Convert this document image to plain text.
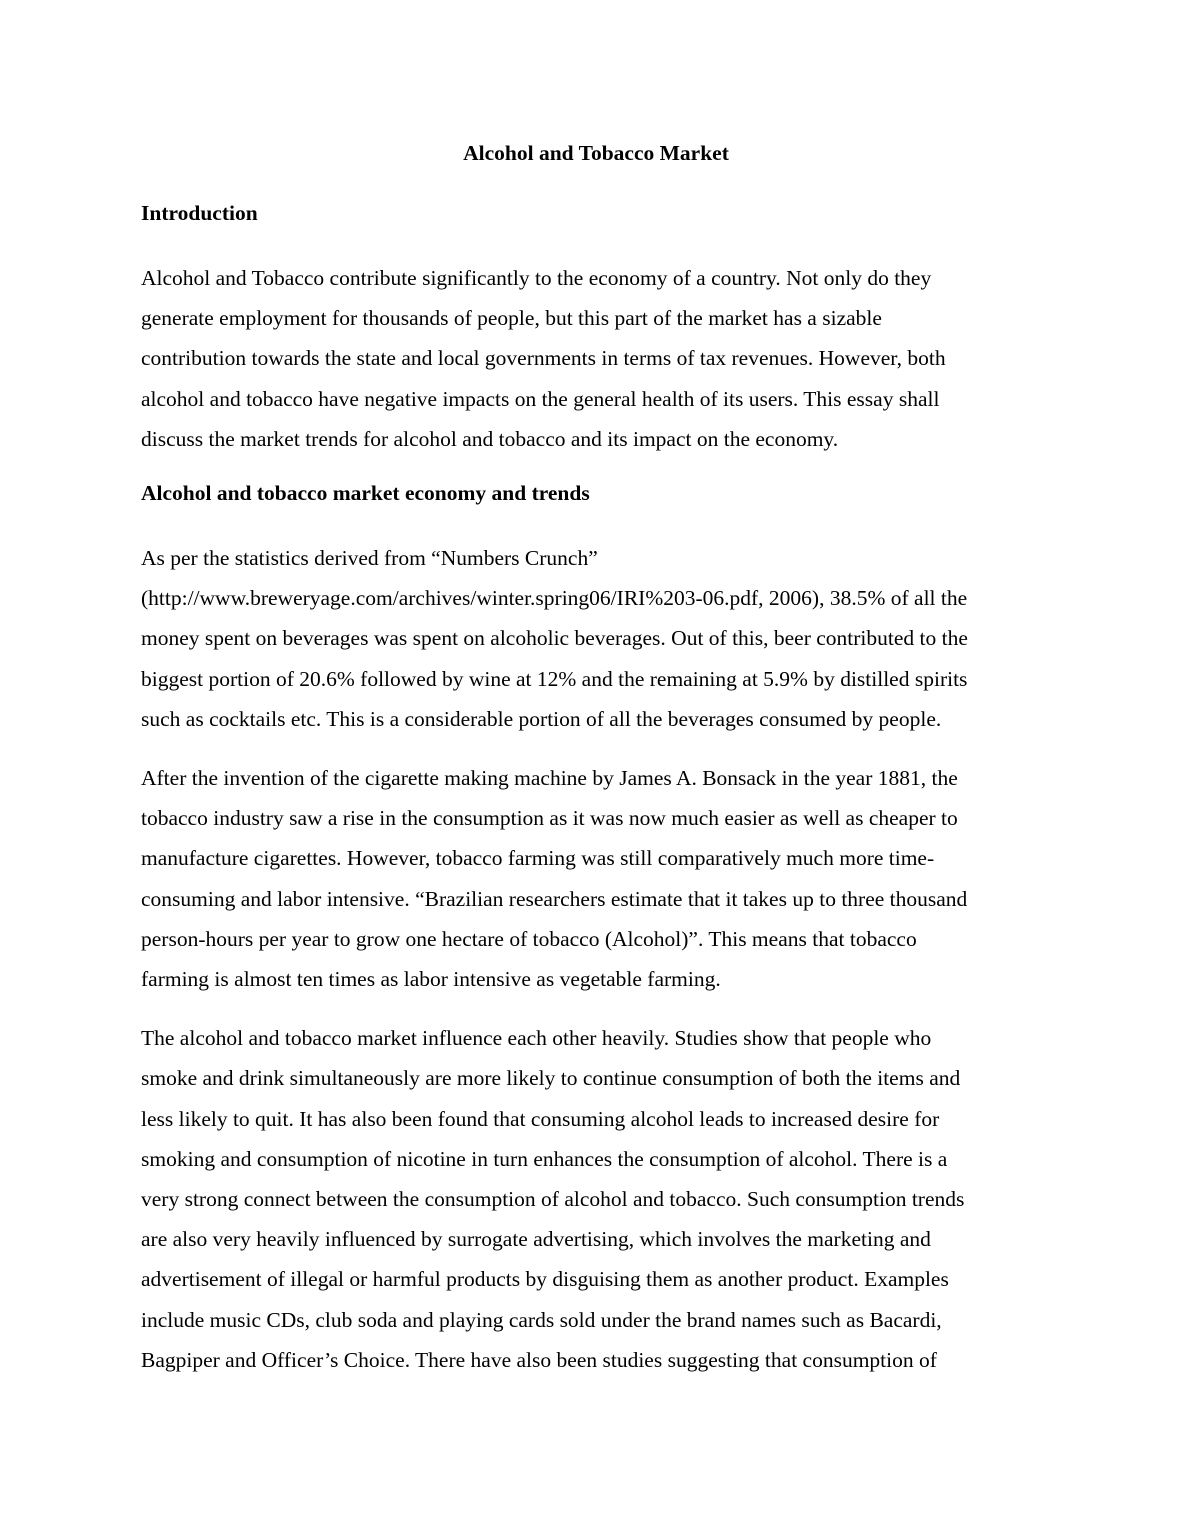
Alcohol and Tobacco Market
Introduction

Alcohol and Tobacco contribute significantly to the economy of a country. Not only do they
generate employment for thousands of people, but this part of the market has a sizable
contribution towards the state and local governments in terms of tax revenues. However, both
alcohol and tobacco have negative impacts on the general health of its users. This essay shall
discuss the market trends for alcohol and tobacco and its impact on the economy.

Alcohol and tobacco market economy and trends

As per the statistics derived from “Numbers Crunch”
(http://www.breweryage.com/archives/winter.spring06/IRI%203-06.pdf, 2006), 38.5% of all the
money spent on beverages was spent on alcoholic beverages. Out of this, beer contributed to the
biggest portion of 20.6% followed by wine at 12% and the remaining at 5.9% by distilled spirits
such as cocktails etc. This is a considerable portion of all the beverages consumed by people.

After the invention of the cigarette making machine by James A. Bonsack in the year 1881, the
tobacco industry saw a rise in the consumption as it was now much easier as well as cheaper to
manufacture cigarettes. However, tobacco farming was still comparatively much more time-
consuming and labor intensive. “Brazilian researchers estimate that it takes up to three thousand
person-hours per year to grow one hectare of tobacco (Alcohol)”. This means that tobacco
farming is almost ten times as labor intensive as vegetable farming.

The alcohol and tobacco market influence each other heavily. Studies show that people who
smoke and drink simultaneously are more likely to continue consumption of both the items and
less likely to quit. It has also been found that consuming alcohol leads to increased desire for
smoking and consumption of nicotine in turn enhances the consumption of alcohol. There is a
very strong connect between the consumption of alcohol and tobacco. Such consumption trends
are also very heavily influenced by surrogate advertising, which involves the marketing and
advertisement of illegal or harmful products by disguising them as another product. Examples
include music CDs, club soda and playing cards sold under the brand names such as Bacardi,
Bagpiper and Officer’s Choice. There have also been studies suggesting that consumption of
